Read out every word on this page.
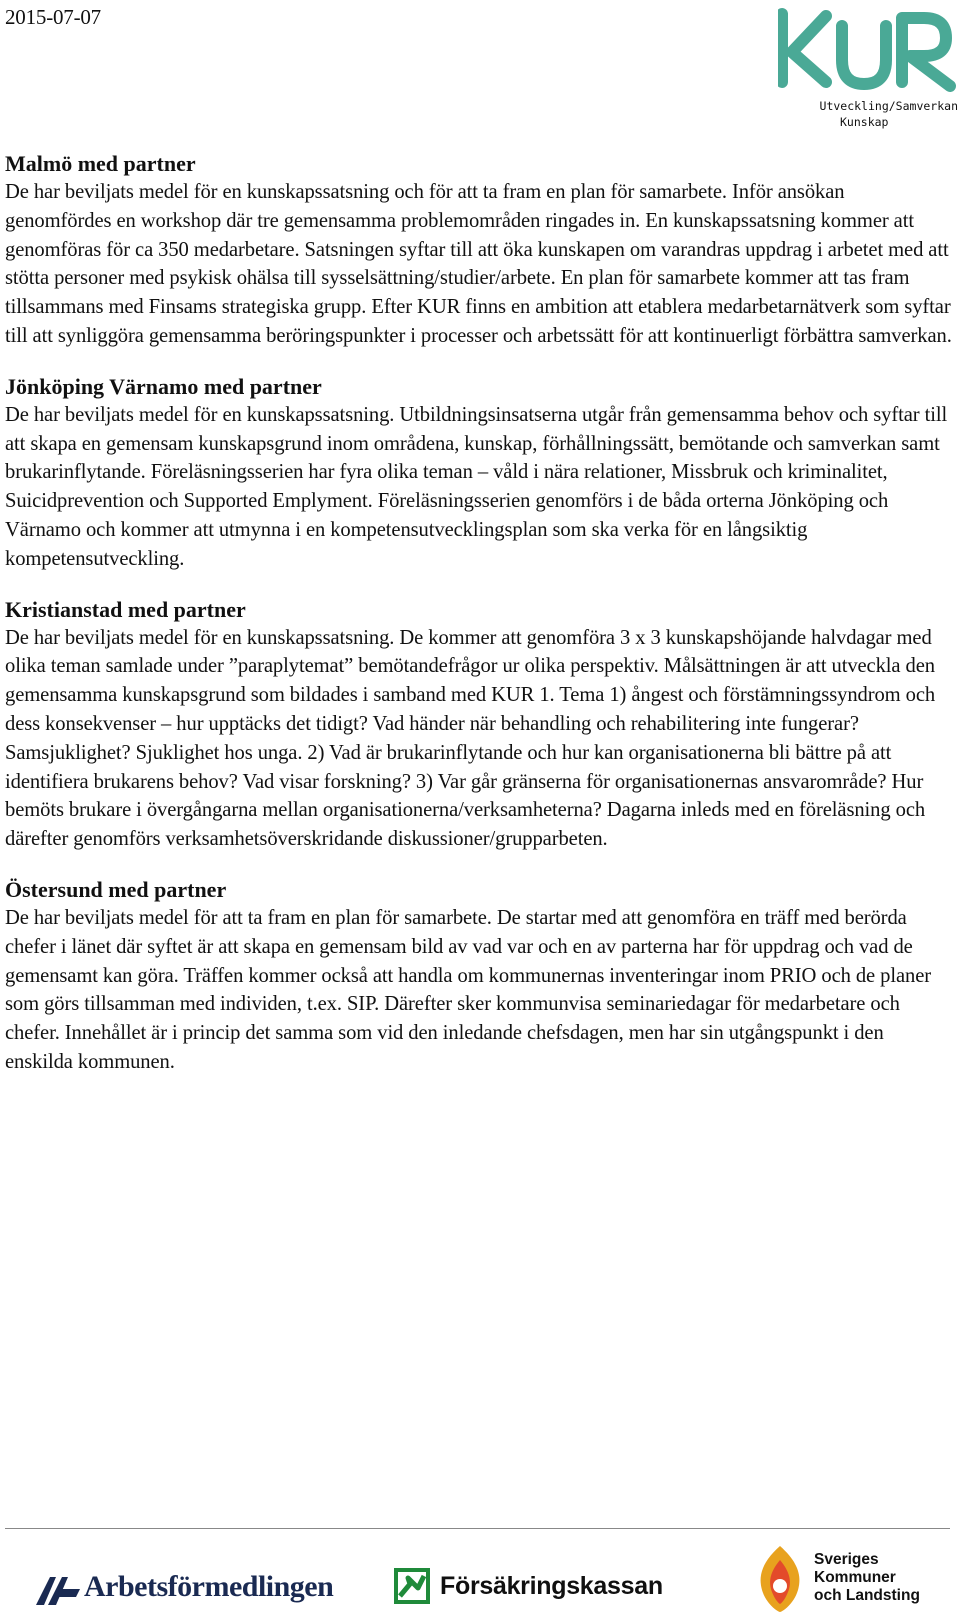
2015-07-07
Utveckling/Samverkan
Kunskap
Malmö med partner

De har beviljats medel för en kunskapssatsning och för att ta fram en plan för samarbete. Inför ansökan genomfördes en workshop där tre gemensamma problemområden ringades in. En kunskapssatsning kommer att genomföras för ca 350 medarbetare. Satsningen syftar till att öka kunskapen om varandras uppdrag i arbetet med att stötta personer med psykisk ohälsa till sysselsättning/studier/arbete. En plan för samarbete kommer att tas fram tillsammans med Finsams strategiska grupp. Efter KUR finns en ambition att etablera medarbetarnätverk som syftar till att synliggöra gemensamma beröringspunkter i processer och arbetssätt för att kontinuerligt förbättra samverkan.

Jönköping Värnamo med partner

De har beviljats medel för en kunskapssatsning. Utbildningsinsatserna utgår från gemensamma behov och syftar till att skapa en gemensam kunskapsgrund inom områdena, kunskap, förhållningssätt, bemötande och samverkan samt brukarinflytande. Föreläsningsserien har fyra olika teman – våld i nära relationer, Missbruk och kriminalitet, Suicidprevention och Supported Emplyment. Föreläsningsserien genomförs i de båda orterna Jönköping och Värnamo och kommer att utmynna i en kompetensutvecklingsplan som ska verka för en långsiktig kompetensutveckling.

Kristianstad med partner

De har beviljats medel för en kunskapssatsning. De kommer att genomföra 3 x 3 kunskapshöjande halvdagar med olika teman samlade under ”paraplytemat” bemötandefrågor ur olika perspektiv. Målsättningen är att utveckla den gemensamma kunskapsgrund som bildades i samband med KUR 1. Tema 1) ångest och förstämningssyndrom och dess konsekvenser – hur upptäcks det tidigt? Vad händer när behandling och rehabilitering inte fungerar? Samsjuklighet? Sjuklighet hos unga. 2) Vad är brukarinflytande och hur kan organisationerna bli bättre på att identifiera brukarens behov? Vad visar forskning? 3) Var går gränserna för organisationernas ansvarområde? Hur bemöts brukare i övergångarna mellan organisationerna/verksamheterna? Dagarna inleds med en föreläsning och därefter genomförs verksamhetsöverskridande diskussioner/grupparbeten.

Östersund med partner

De har beviljats medel för att ta fram en plan för samarbete. De startar med att genomföra en träff med berörda chefer i länet där syftet är att skapa en gemensam bild av vad var och en av parterna har för uppdrag och vad de gemensamt kan göra. Träffen kommer också att handla om kommunernas inventeringar inom PRIO och de planer som görs tillsamman med individen, t.ex. SIP. Därefter sker kommunvisa seminariedagar för medarbetare och chefer. Innehållet är i princip det samma som vid den inledande chefsdagen, men har sin utgångspunkt i den enskilda kommunen.

Arbetsförmedlingen	Försäkringskassan
Sveriges
Kommuner
och Landsting
